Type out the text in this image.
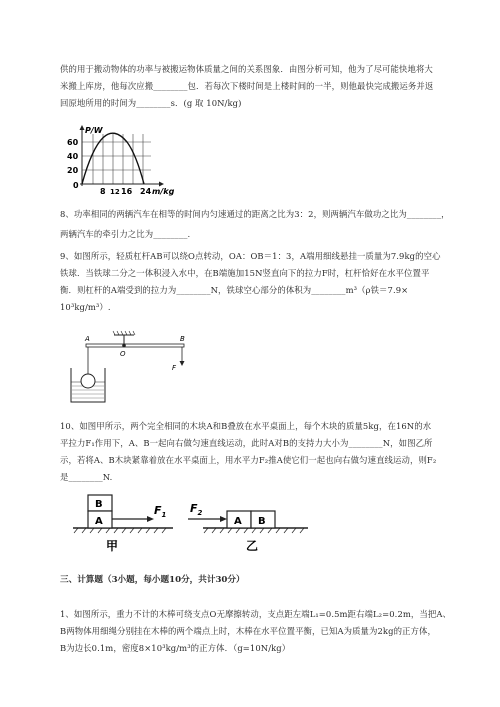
供的用于搬动物体的功率与被搬运物体质量之间的关系图象．由图分析可知，他为了尽可能快地将大
米搬上库房，他每次应搬________包．若每次下楼时间是上楼时间的一半，则他最快完成搬运务并返
回原地所用的时间为________s．(g 取 10N/kg)
P/W
60
40
20
0
8 12 16 24 m/kg
8、功率相同的两辆汽车在相等的时间内匀速通过的距离之比为3：2，则两辆汽车做功之比为________，
两辆汽车的牵引力之比为________.
9、如图所示，轻质杠杆AB可以绕O点转动，OA：OB＝1：3，A端用细线悬挂一质量为7.9kg的空心
铁球．当铁球二分之一体积浸入水中，在B端施加15N竖直向下的拉力F时，杠杆恰好在水平位置平
衡．则杠杆的A端受到的拉力为________N，铁球空心部分的体积为________m³（ρ铁＝7.9×
10³kg/m³）.
A	B
O
F
10、如图甲所示，两个完全相同的木块A和B叠放在水平桌面上，每个木块的质量5kg，在16N的水
平拉力F₁作用下，A、B一起向右做匀速直线运动，此时A对B的支持力大小为________N，如图乙所
示，若将A、B木块紧靠着放在水平桌面上，用水平力F₂推A使它们一起也向右做匀速直线运动，则F₂
是________N.
B
A
$F_1$
甲
$F_2$
A B
乙
三、计算题（3小题，每小题10分，共计30分）
1、如图所示，重力不计的木棒可绕支点O无摩擦转动，支点距左端L₁=0.5m距右端L₂=0.2m，当把A、
B两物体用细绳分别挂在木棒的两个端点上时，木棒在水平位置平衡，已知A为质量为2kg的正方体，
B为边长0.1m，密度8×10³kg/m³的正方体．（g=10N/kg）
